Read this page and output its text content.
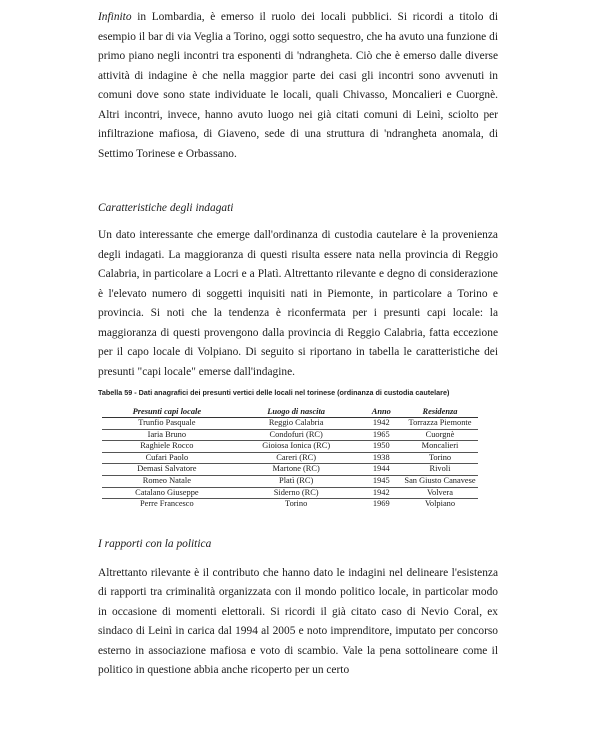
Infinito in Lombardia, è emerso il ruolo dei locali pubblici. Si ricordi a titolo di esempio il bar di via Veglia a Torino, oggi sotto sequestro, che ha avuto una funzione di primo piano negli incontri tra esponenti di 'ndrangheta. Ciò che è emerso dalle diverse attività di indagine è che nella maggior parte dei casi gli incontri sono avvenuti in comuni dove sono state individuate le locali, quali Chivasso, Moncalieri e Cuorgnè. Altri incontri, invece, hanno avuto luogo nei già citati comuni di Leinì, sciolto per infiltrazione mafiosa, di Giaveno, sede di una struttura di 'ndrangheta anomala, di Settimo Torinese e Orbassano.

Caratteristiche degli indagati

Un dato interessante che emerge dall'ordinanza di custodia cautelare è la provenienza degli indagati. La maggioranza di questi risulta essere nata nella provincia di Reggio Calabria, in particolare a Locri e a Platì. Altrettanto rilevante e degno di considerazione è l'elevato numero di soggetti inquisiti nati in Piemonte, in particolare a Torino e provincia. Si noti che la tendenza è riconfermata per i presunti capi locale: la maggioranza di questi provengono dalla provincia di Reggio Calabria, fatta eccezione per il capo locale di Volpiano. Di seguito si riportano in tabella le caratteristiche dei presunti "capi locale" emerse dall'indagine.

Tabella 59 - Dati anagrafici dei presunti vertici delle locali nel torinese (ordinanza di custodia cautelare)

Presunti capi locale	Luogo di nascita	Anno	Residenza
Trunfio Pasquale	Reggio Calabria	1942	Torrazza Piemonte
Iaria Bruno	Condofuri (RC)	1965	Cuorgnè
Raghiele Rocco	Gioiosa Ionica (RC)	1950	Moncalieri
Cufari Paolo	Careri (RC)	1938	Torino
Demasi Salvatore	Martone (RC)	1944	Rivoli
Romeo Natale	Platì (RC)	1945	San Giusto Canavese
Catalano Giuseppe	Siderno (RC)	1942	Volvera
Perre Francesco	Torino	1969	Volpiano

I rapporti con la politica

Altrettanto rilevante è il contributo che hanno dato le indagini nel delineare l'esistenza di rapporti tra criminalità organizzata con il mondo politico locale, in particolar modo in occasione di momenti elettorali. Si ricordi il già citato caso di Nevio Coral, ex sindaco di Leinì in carica dal 1994 al 2005 e noto imprenditore, imputato per concorso esterno in associazione mafiosa e voto di scambio. Vale la pena sottolineare come il politico in questione abbia anche ricoperto per un certo
